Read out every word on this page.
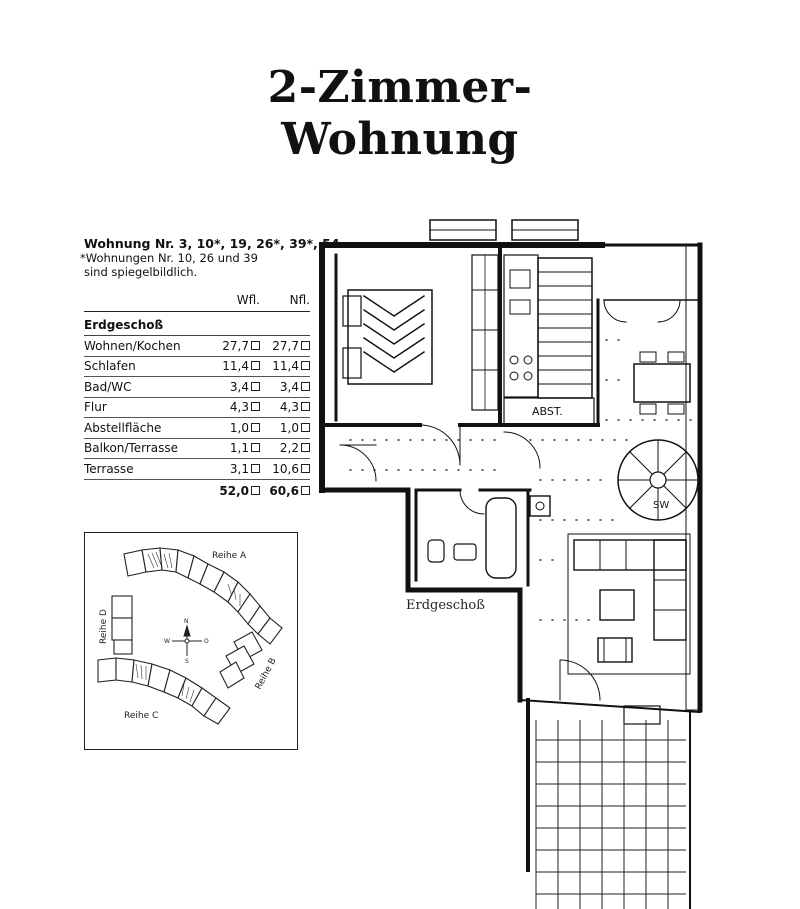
2-Zimmer-
Wohnung
Wohnung Nr. 3, 10*, 19, 26*, 39*, 54
*Wohnungen Nr. 10, 26 und 39
sind spiegelbildlich.
Wfl.	Nfl.
Erdgeschoß
Wohnen/Kochen	27,7	27,7
Schlafen	11,4	11,4
Bad/WC	3,4	3,4
Flur	4,3	4,3
Abstellfläche	1,0	1,0
Balkon/Terrasse	1,1	2,2
Terrasse	3,1	10,6
52,0	60,6
N
O
S
W
Reihe A
Reihe C
Reihe D
Reihe B
ABST.
SW
Erdgeschoß
